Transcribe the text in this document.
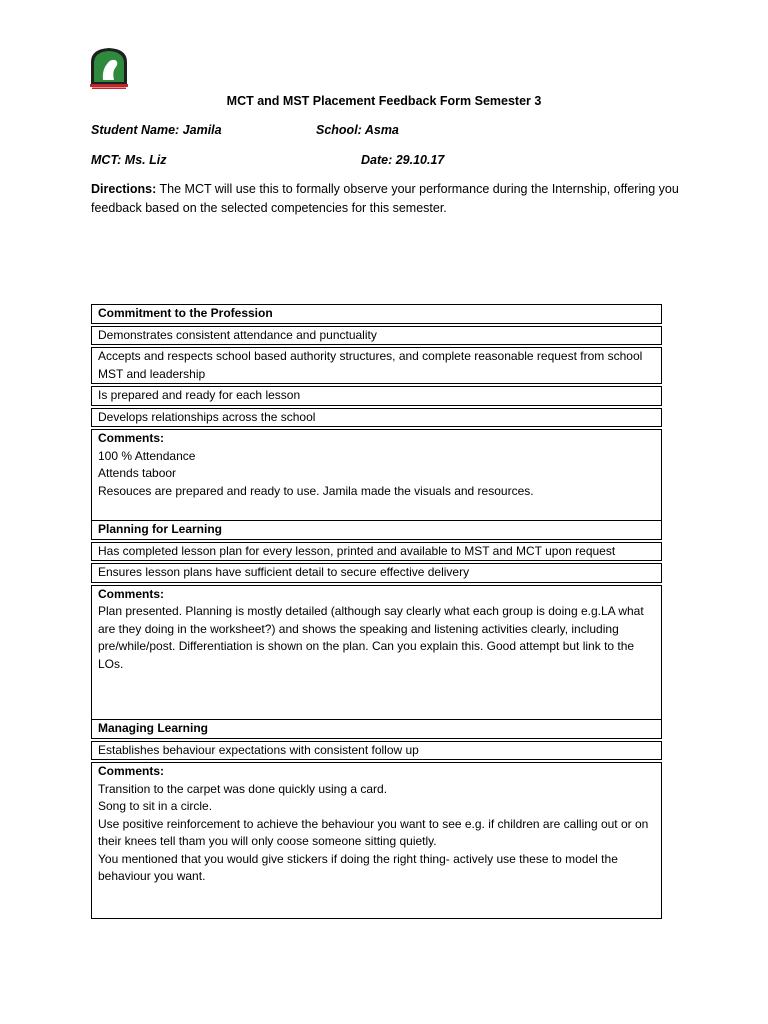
MCT and MST Placement Feedback Form Semester 3
Student Name: Jamila	School: Asma
MCT: Ms. Liz	Date: 29.10.17
Directions: The MCT will use this to formally observe your performance during the Internship, offering you feedback based on the selected competencies for this semester.
Commitment to the Profession
Demonstrates consistent attendance and punctuality
Accepts and respects school based authority structures, and complete reasonable request from school MST and leadership
Is prepared and ready for each lesson
Develops relationships across the school
Comments:
100 % Attendance
Attends taboor
Resouces are prepared and ready to use. Jamila made the visuals and resources.
Planning for Learning
Has completed lesson plan for every lesson, printed and available to MST and MCT upon request
Ensures lesson plans have sufficient detail to secure effective delivery
Comments:
Plan presented. Planning is mostly detailed (although say clearly what each group is doing e.g.LA what are they doing in the worksheet?) and shows the speaking and listening activities clearly, including pre/while/post. Differentiation is shown on the plan. Can you explain this. Good attempt but link to the LOs.
Managing Learning
Establishes behaviour expectations with consistent follow up
Comments:
Transition to the carpet was done quickly using a card.
Song to sit in a circle.
Use positive reinforcement to achieve the behaviour you want to see e.g. if children are calling out or on their knees tell tham you will only coose someone sitting quietly.
You mentioned that you would give stickers if doing the right thing- actively use these to model the behaviour you want.
